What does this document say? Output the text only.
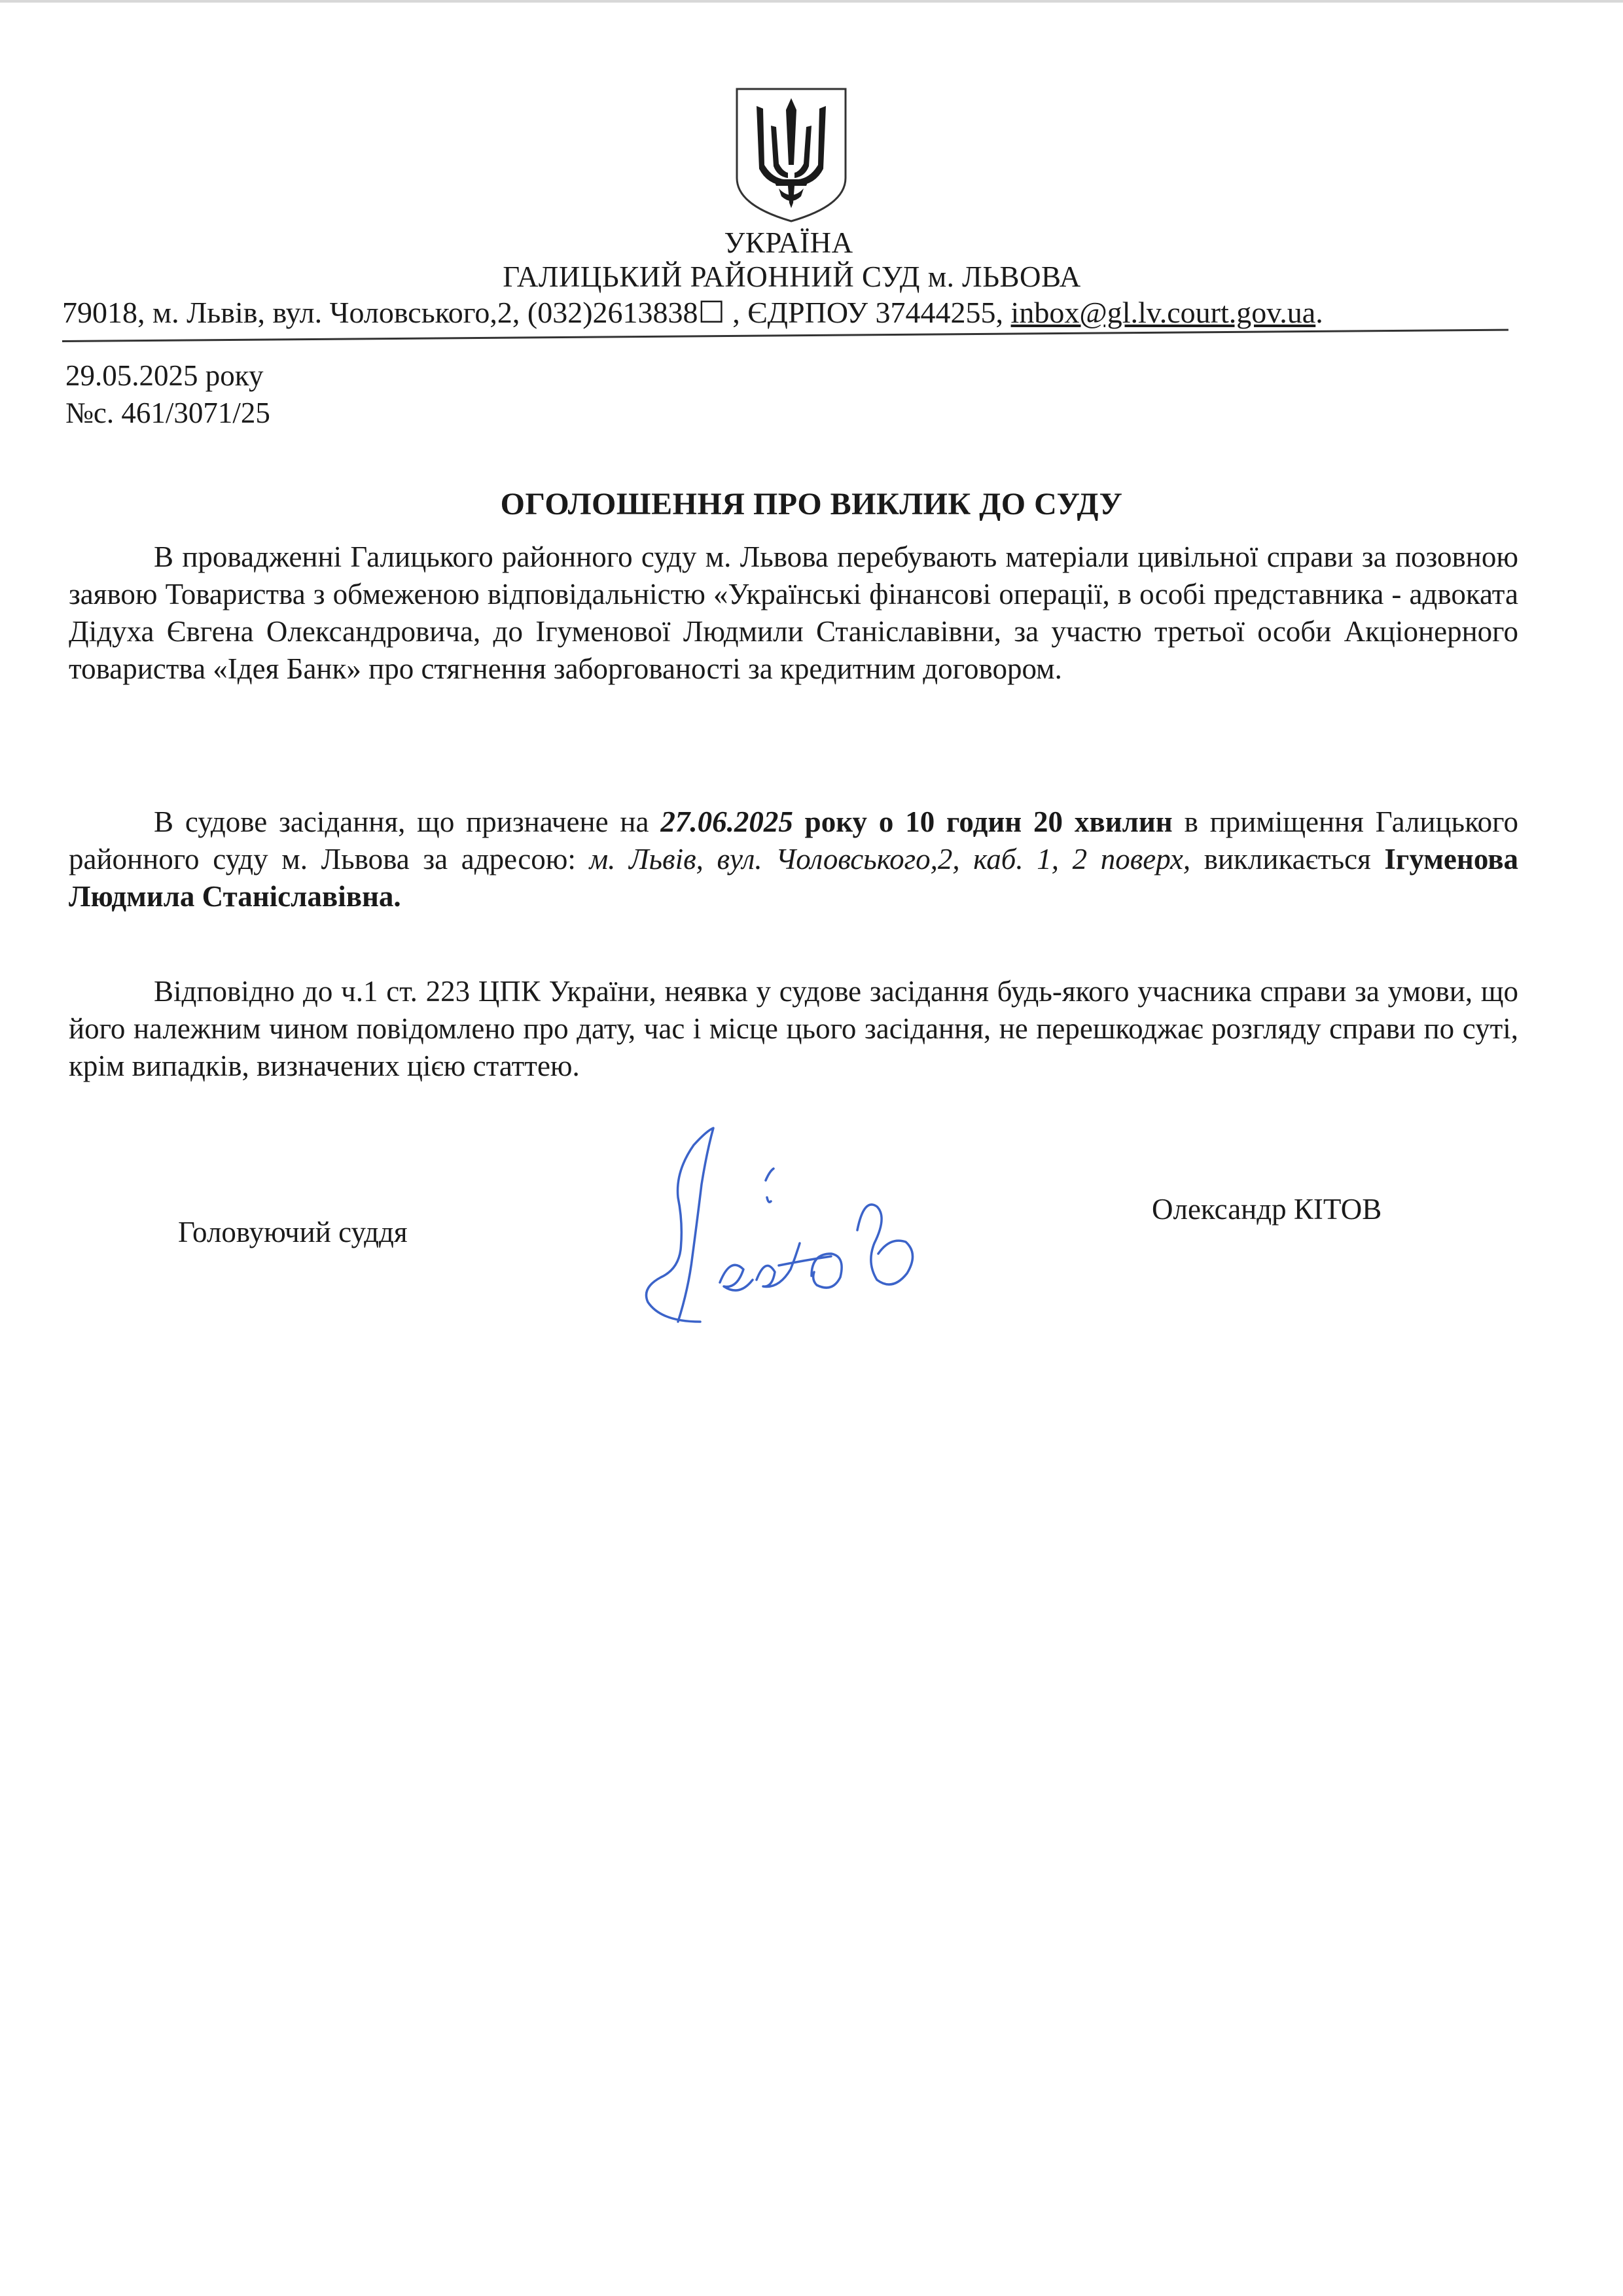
УКРАЇНА
ГАЛИЦЬКИЙ РАЙОННИЙ СУД м. ЛЬВОВА
79018, м. Львів, вул. Чоловського,2, (032)2613838☐ , ЄДРПОУ 37444255, inbox@gl.lv.court.gov.ua.
29.05.2025 року
№с. 461/3071/25
ОГОЛОШЕННЯ ПРО ВИКЛИК ДО СУДУ

В провадженні Галицького районного суду м. Львова перебувають матеріали цивільної справи за позовною заявою Товариства з обмеженою відповідальністю «Українські фінансові операції, в особі представника - адвоката Дідуха Євгена Олександровича, до Ігуменової Людмили Станіславівни, за участю третьої особи Акціонерного товариства «Ідея Банк» про стягнення заборгованості за кредитним договором.

В судове засідання, що призначене на 27.06.2025 року о 10 годин 20 хвилин в приміщення Галицького районного суду м. Львова за адресою: м. Львів, вул. Чоловського,2, каб. 1, 2 поверх, викликається Ігуменова Людмила Станіславівна.

Відповідно до ч.1 ст. 223 ЦПК України, неявка у судове засідання будь-якого учасника справи за умови, що його належним чином повідомлено про дату, час і місце цього засідання, не перешкоджає розгляду справи по суті, крім випадків, визначених цією статтею.

Головуючий суддя
Олександр КІТОВ
